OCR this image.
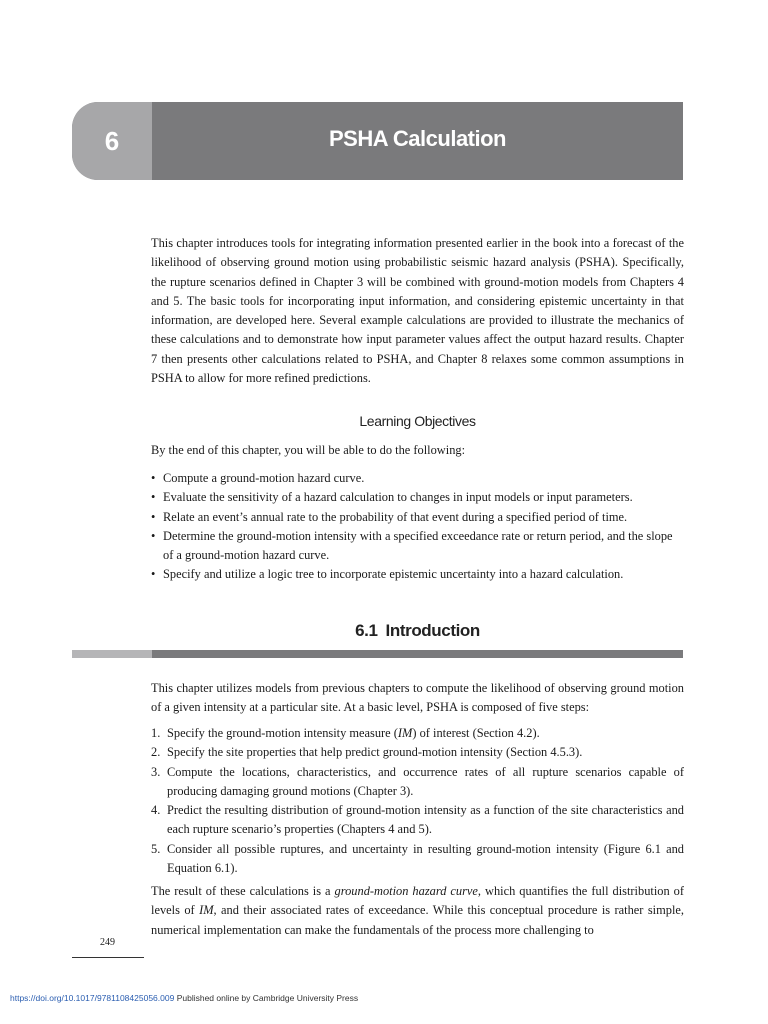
6	PSHA Calculation

This chapter introduces tools for integrating information presented earlier in the book into a forecast of the likelihood of observing ground motion using probabilistic seismic hazard analysis (PSHA). Specifically, the rupture scenarios defined in Chapter 3 will be combined with ground-motion models from Chapters 4 and 5. The basic tools for incorporating input information, and considering epistemic uncertainty in that information, are developed here. Several example calculations are provided to illustrate the mechanics of these calculations and to demonstrate how input parameter values affect the output hazard results. Chapter 7 then presents other calculations related to PSHA, and Chapter 8 relaxes some common assumptions in PSHA to allow for more refined predictions.

Learning Objectives

By the end of this chapter, you will be able to do the following:

• Compute a ground-motion hazard curve.
• Evaluate the sensitivity of a hazard calculation to changes in input models or input parameters.
• Relate an event’s annual rate to the probability of that event during a specified period of time.
• Determine the ground-motion intensity with a specified exceedance rate or return period, and the slope of a ground-motion hazard curve.
• Specify and utilize a logic tree to incorporate epistemic uncertainty into a hazard calculation.
6.1 Introduction

This chapter utilizes models from previous chapters to compute the likelihood of observing ground motion of a given intensity at a particular site. At a basic level, PSHA is composed of five steps:

1. Specify the ground-motion intensity measure (IM) of interest (Section 4.2).
2. Specify the site properties that help predict ground-motion intensity (Section 4.5.3).
3. Compute the locations, characteristics, and occurrence rates of all rupture scenarios capable of producing damaging ground motions (Chapter 3).
4. Predict the resulting distribution of ground-motion intensity as a function of the site characteristics and each rupture scenario’s properties (Chapters 4 and 5).
5. Consider all possible ruptures, and uncertainty in resulting ground-motion intensity (Figure 6.1 and Equation 6.1).

The result of these calculations is a ground-motion hazard curve, which quantifies the full distribution of levels of IM, and their associated rates of exceedance. While this conceptual procedure is rather simple, numerical implementation can make the fundamentals of the process more challenging to

249
https://doi.org/10.1017/9781108425056.009 Published online by Cambridge University Press
